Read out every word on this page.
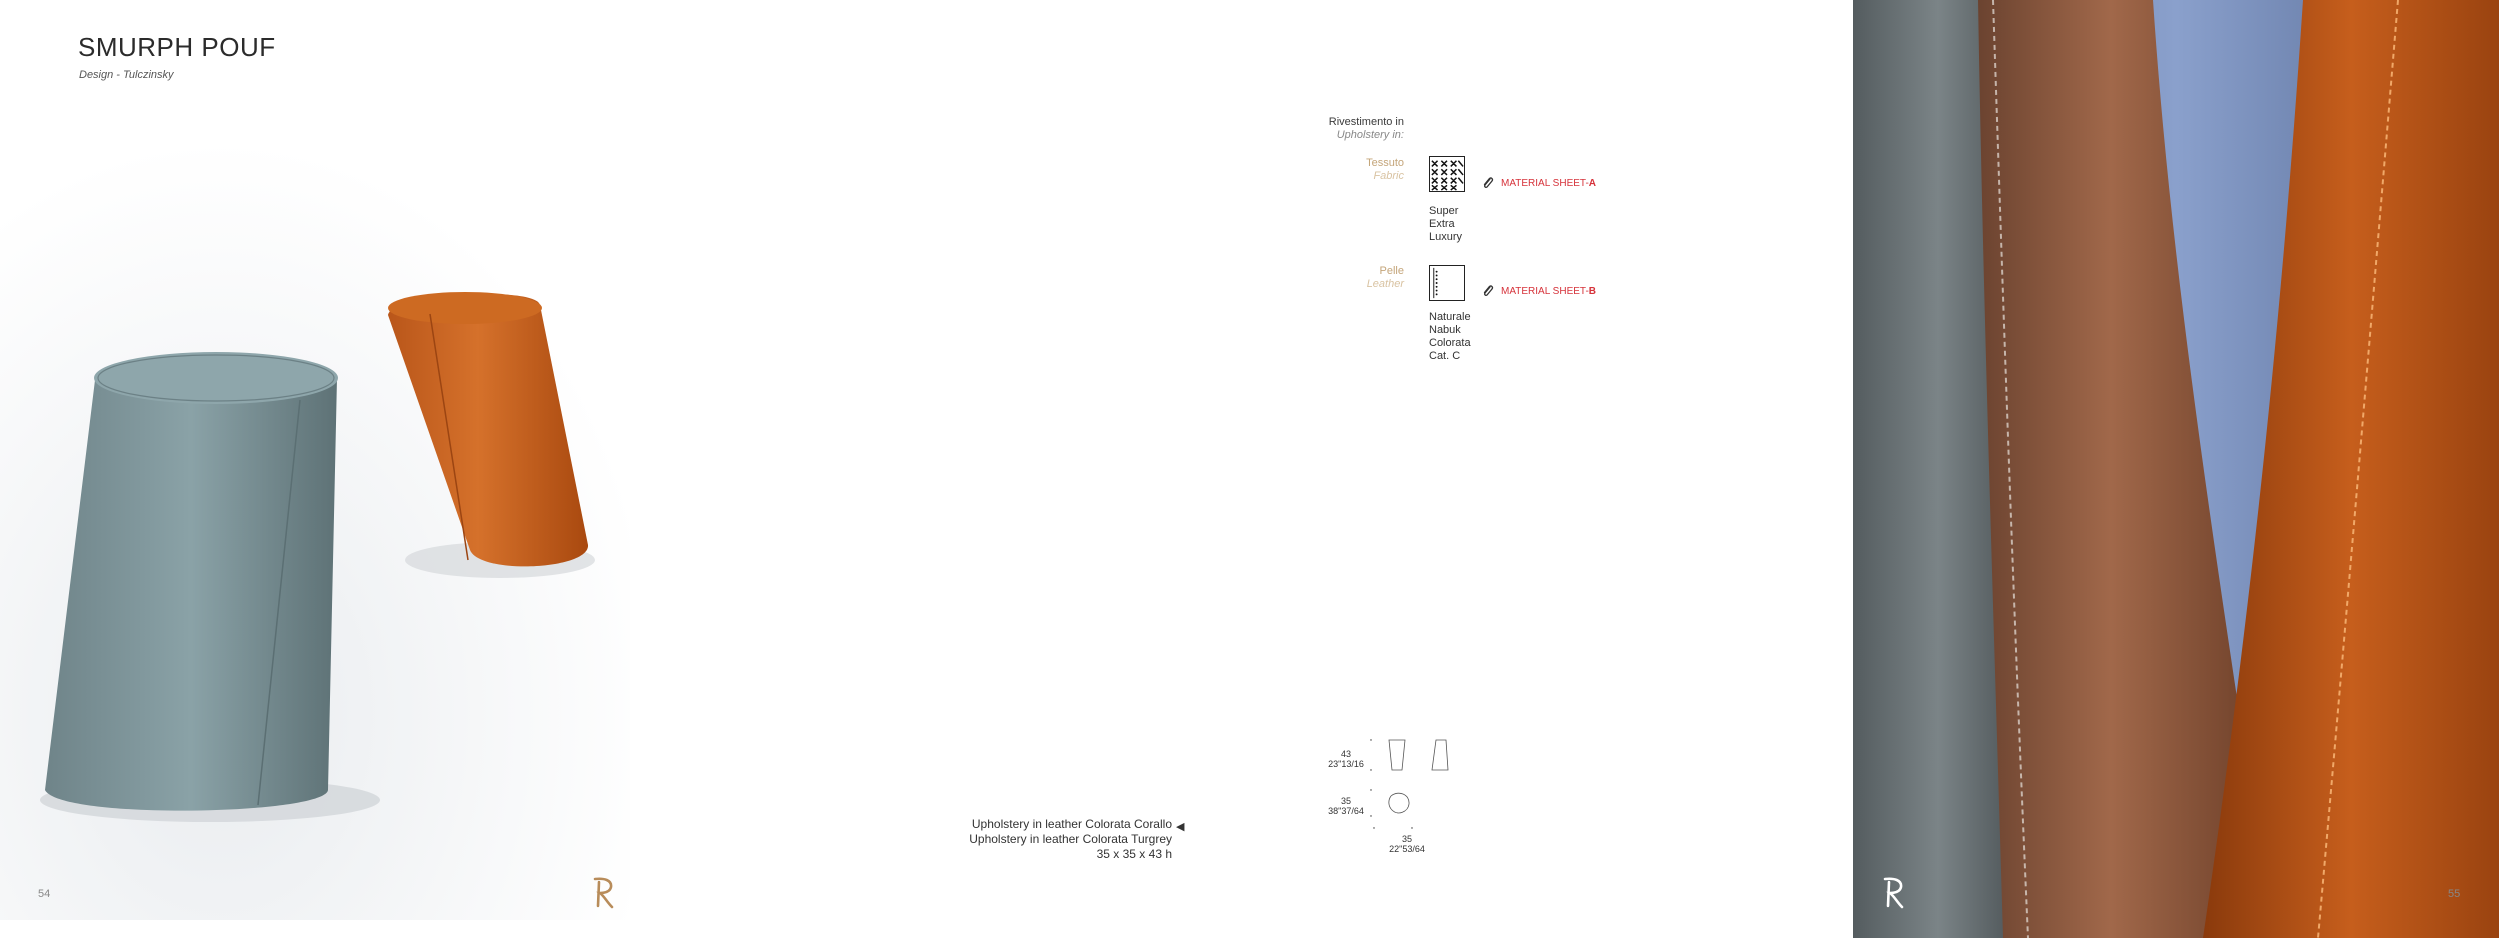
SMURPH POUF
Design - Tulczinsky
54
Upholstery in leather Colorata Corallo
Upholstery in leather Colorata Turgrey
35 x 35 x 43 h
◀
Rivestimento in
Upholstery in:
Tessuto
Fabric
Super
Extra
Luxury
MATERIAL SHEET-A
Pelle
Leather
Naturale
Nabuk
Colorata
Cat. C
MATERIAL SHEET-B
43
23"13/16
35
38"37/64
35
22"53/64
55
